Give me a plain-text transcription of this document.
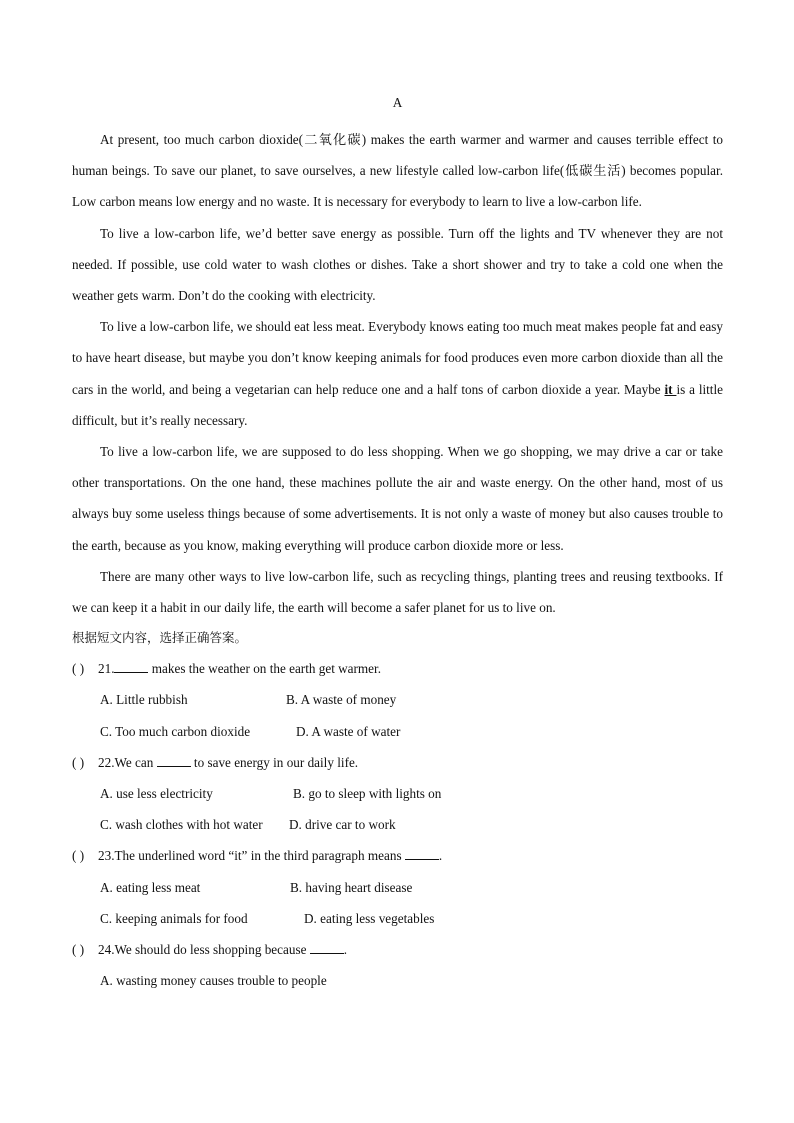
A

At present, too much carbon dioxide(二氧化碳) makes the earth warmer and warmer and causes terrible effect to human beings. To save our planet, to save ourselves, a new lifestyle called low-carbon life(低碳生活) becomes popular. Low carbon means low energy and no waste. It is necessary for everybody to learn to live a low-carbon life.

To live a low-carbon life, we’d better save energy as possible. Turn off the lights and TV whenever they are not needed. If possible, use cold water to wash clothes or dishes. Take a short shower and try to take a cold one when the weather gets warm. Don’t do the cooking with electricity.

To live a low-carbon life, we should eat less meat. Everybody knows eating too much meat makes people fat and easy to have heart disease, but maybe you don’t know keeping animals for food produces even more carbon dioxide than all the cars in the world, and being a vegetarian can help reduce one and a half tons of carbon dioxide a year. Maybe it is a little difficult, but it’s really necessary.

To live a low-carbon life, we are supposed to do less shopping. When we go shopping, we may drive a car or take other transportations. On the one hand, these machines pollute the air and waste energy. On the other hand, most of us always buy some useless things because of some advertisements. It is not only a waste of money but also causes trouble to the earth, because as you know, making everything will produce carbon dioxide more or less.

There are many other ways to live low-carbon life, such as recycling things, planting trees and reusing textbooks. If we can keep it a habit in our daily life, the earth will become a safer planet for us to live on.

根据短文内容，选择正确答案。

( ) 21.	makes the weather on the earth get warmer.

A. Little rubbish	B. A waste of money

C. Too much carbon dioxide	D. A waste of water

( ) 22.We can	to save energy in our daily life.

A. use less electricity	B. go to sleep with lights on

C. wash clothes with hot water D. drive car to work

( ) 23.The underlined word “it” in the third paragraph means	.

A. eating less meat	B. having heart disease

C. keeping animals for food	D. eating less vegetables

( ) 24.We should do less shopping because	.

A. wasting money causes trouble to people
